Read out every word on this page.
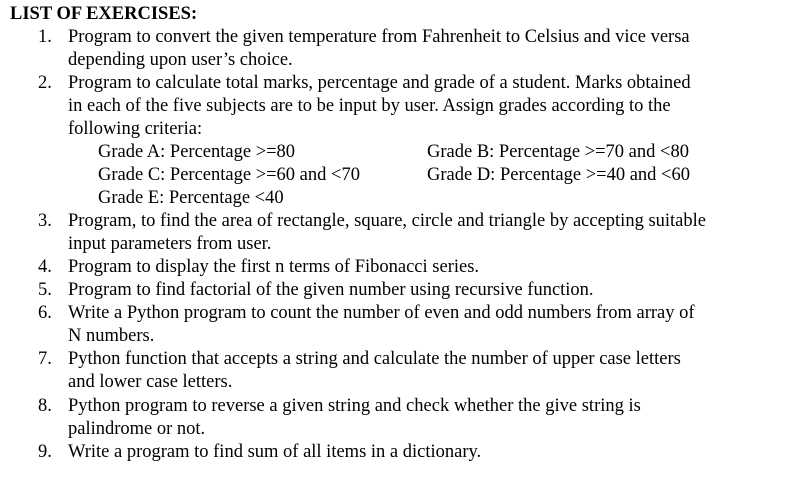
LIST OF EXERCISES:
1. Program to convert the given temperature from Fahrenheit to Celsius and vice versa
depending upon user’s choice.
2. Program to calculate total marks, percentage and grade of a student. Marks obtained
in each of the five subjects are to be input by user. Assign grades according to the
following criteria:
Grade A: Percentage >=80	Grade B: Percentage >=70 and <80
Grade C: Percentage >=60 and <70	Grade D: Percentage >=40 and <60
Grade E: Percentage <40
3. Program, to find the area of rectangle, square, circle and triangle by accepting suitable
input parameters from user.
4. Program to display the first n terms of Fibonacci series.
5. Program to find factorial of the given number using recursive function.
6. Write a Python program to count the number of even and odd numbers from array of
N numbers.
7. Python function that accepts a string and calculate the number of upper case letters
and lower case letters.
8. Python program to reverse a given string and check whether the give string is
palindrome or not.
9. Write a program to find sum of all items in a dictionary.
